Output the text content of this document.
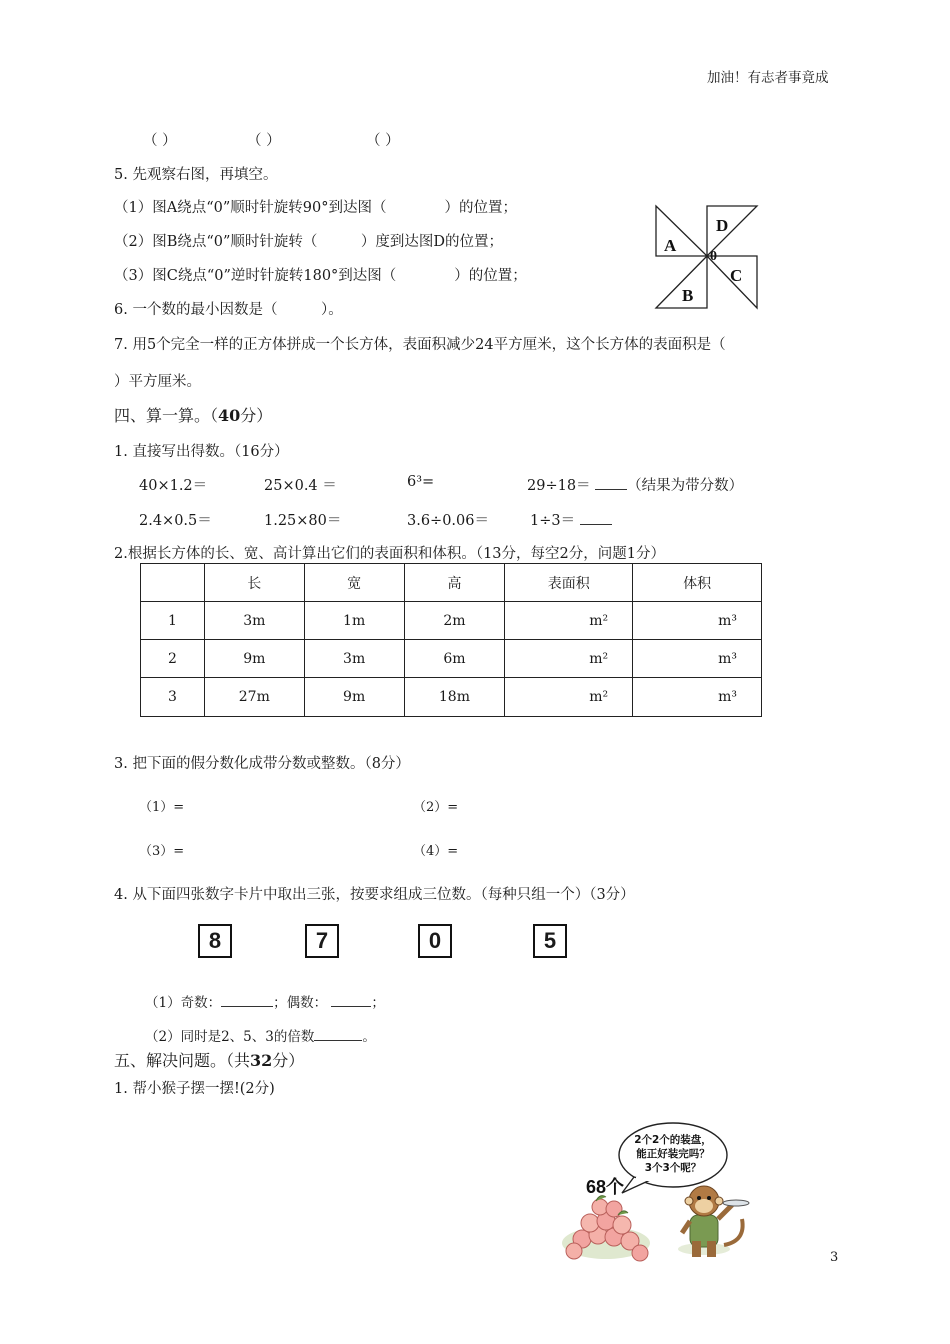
加油！有志者事竟成
（ ）	（ ）	（ ）
5. 先观察右图，再填空。
（1）图A绕点“0”顺时针旋转90°到达图（　　　　）的位置；
（2）图B绕点“0”顺时针旋转（　　　）度到达图D的位置；
（3）图C绕点“0”逆时针旋转180°到达图（　　　　）的位置；
A
B
C
D
0
6. 一个数的最小因数是（　　　）。
7. 用5个完全一样的正方体拼成一个长方体，表面积减少24平方厘米，这个长方体的表面积是（
）平方厘米。
四、算一算。（40分）
1. 直接写出得数。（16分）
40×1.2＝	25×0.4 ＝	6³=	29÷18＝	（结果为带分数）
2.4×0.5＝	1.25×80＝	3.6÷0.06＝	1÷3＝
2.根据长方体的长、宽、高计算出它们的表面积和体积。（13分，每空2分，问题1分）
	长	宽	高	表面积	体积
1	3m	1m	2m	m²	m³
2	9m	3m	6m	m²	m³
3	27m	9m	18m	m²	m³
3. 把下面的假分数化成带分数或整数。（8分）
（1）=	（2）=
（3）=	（4）=
4. 从下面四张数字卡片中取出三张，按要求组成三位数。（每种只组一个）（3分）
8	7	0	5
（1）奇数：	；偶数：	；
（2）同时是2、5、3的倍数	。
五、解决问题。（共32分）
1. 帮小猴子摆一摆!(2分)
68个
2个2个的装盘，
能正好装完吗？
3个3个呢？
3
